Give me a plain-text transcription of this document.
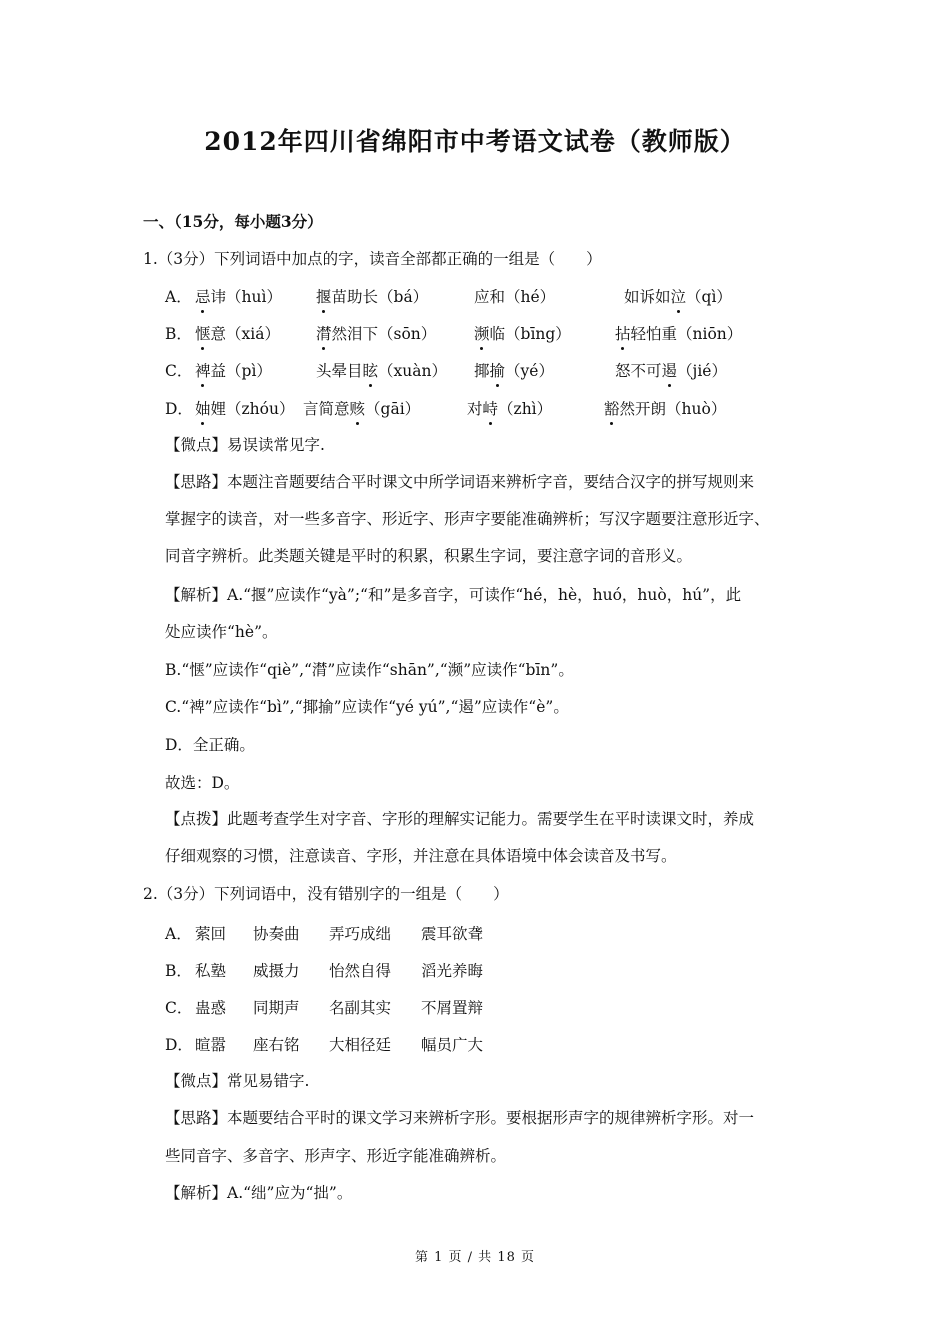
2012年四川省绵阳市中考语文试卷（教师版）
一、（15分，每小题3分）
1.（3分）下列词语中加点的字，读音全部都正确的一组是（　　）
A． 忌讳（huì） 揠苗助长（bá）	应和（hé）	如诉如泣（qì）
B． 惬意（xiá） 潸然泪下（sōn） 濒临（bīng）	拈轻怕重（niōn）
C． 裨益（pì）	头晕目眩（xuàn） 揶揄（yé）	怒不可遏（jié）
D． 妯娌（zhóu） 言简意赅（gāi）	对峙（zhì）	豁然开朗（huò）
【微点】易误读常见字.
【思路】本题注音题要结合平时课文中所学词语来辨析字音，要结合汉字的拼写规则来
掌握字的读音，对一些多音字、形近字、形声字要能准确辨析；写汉字题要注意形近字、
同音字辨析。此类题关键是平时的积累，积累生字词，要注意字词的音形义。
【解析】A.“揠”应读作“yà”;“和”是多音字，可读作“hé，hè，huó，huò，hú”，此
处应读作“hè”。
B.“惬”应读作“qiè”,“潸”应读作“shān”,“濒”应读作“bīn”。
C.“裨”应读作“bì”,“揶揄”应读作“yé yú”,“遏”应读作“è”。
D．全正确。
故选：D。
【点拨】此题考查学生对字音、字形的理解实记能力。需要学生在平时读课文时，养成
仔细观察的习惯，注意读音、字形，并注意在具体语境中体会读音及书写。
2.（3分）下列词语中，没有错别字的一组是（　　）
A． 萦回 协奏曲 弄巧成绌 震耳欲聋
B． 私塾 威摄力 怡然自得 滔光养晦
C． 蛊惑 同期声 名副其实 不屑置辩
D． 暄嚣 座右铭 大相径廷 幅员广大
【微点】常见易错字.
【思路】本题要结合平时的课文学习来辨析字形。要根据形声字的规律辨析字形。对一
些同音字、多音字、形声字、形近字能准确辨析。
【解析】A.“绌”应为“拙”。
第 1 页 / 共 18 页
